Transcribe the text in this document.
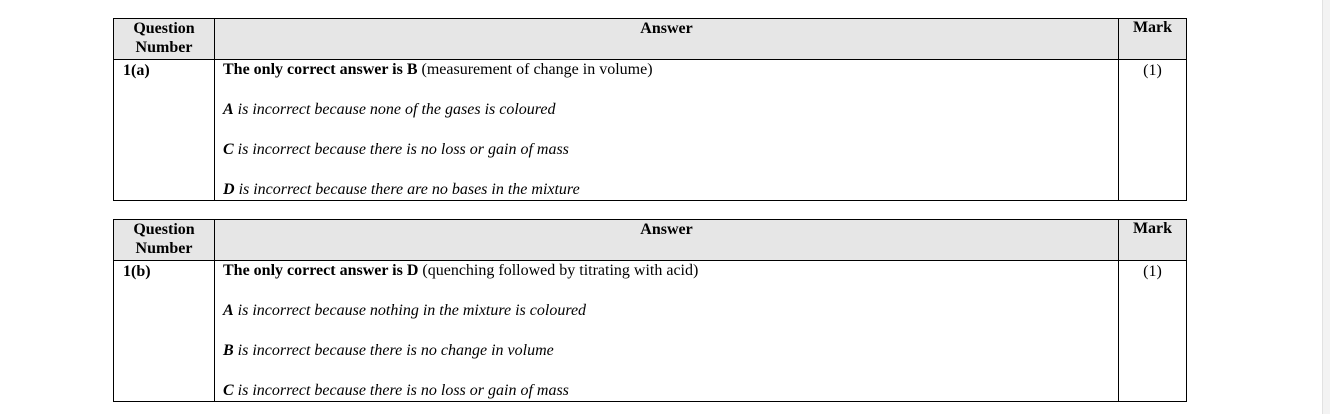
Question
Number	Answer	Mark
1(a)	The only correct answer is B (measurement of change in volume)
A is incorrect because none of the gases is coloured
C is incorrect because there is no loss or gain of mass
D is incorrect because there are no bases in the mixture	(1)
Question
Number	Answer	Mark
1(b)	The only correct answer is D (quenching followed by titrating with acid)
A is incorrect because nothing in the mixture is coloured
B is incorrect because there is no change in volume
C is incorrect because there is no loss or gain of mass	(1)
